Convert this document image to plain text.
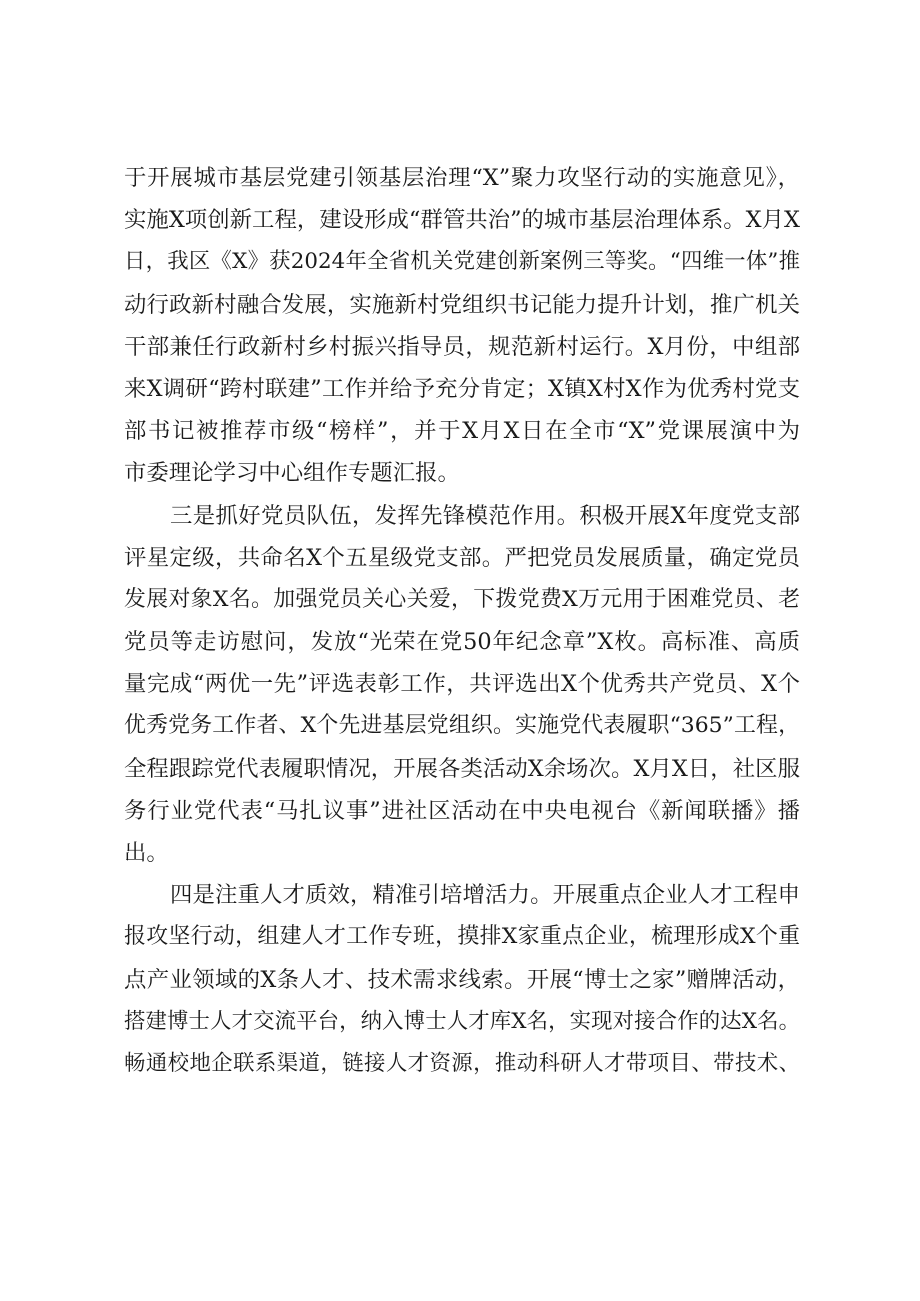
于开展城市基层党建引领基层治理“X”聚力攻坚行动的实施意见》，
实施X项创新工程，建设形成“群管共治”的城市基层治理体系。X月X
日，我区《X》获2024年全省机关党建创新案例三等奖。“四维一体”推
动行政新村融合发展，实施新村党组织书记能力提升计划，推广机关
干部兼任行政新村乡村振兴指导员，规范新村运行。X月份，中组部
来X调研“跨村联建”工作并给予充分肯定；X镇X村X作为优秀村党支
部书记被推荐市级“榜样”，并于X月X日在全市“X”党课展演中为
市委理论学习中心组作专题汇报。
三是抓好党员队伍，发挥先锋模范作用。积极开展X年度党支部
评星定级，共命名X个五星级党支部。严把党员发展质量，确定党员
发展对象X名。加强党员关心关爱，下拨党费X万元用于困难党员、老
党员等走访慰问，发放“光荣在党50年纪念章”X枚。高标准、高质
量完成“两优一先”评选表彰工作，共评选出X个优秀共产党员、X个
优秀党务工作者、X个先进基层党组织。实施党代表履职“365”工程，
全程跟踪党代表履职情况，开展各类活动X余场次。X月X日，社区服
务行业党代表“马扎议事”进社区活动在中央电视台《新闻联播》播
出。
四是注重人才质效，精准引培增活力。开展重点企业人才工程申
报攻坚行动，组建人才工作专班，摸排X家重点企业，梳理形成X个重
点产业领域的X条人才、技术需求线索。开展“博士之家”赠牌活动，
搭建博士人才交流平台，纳入博士人才库X名，实现对接合作的达X名。
畅通校地企联系渠道，链接人才资源，推动科研人才带项目、带技术、
